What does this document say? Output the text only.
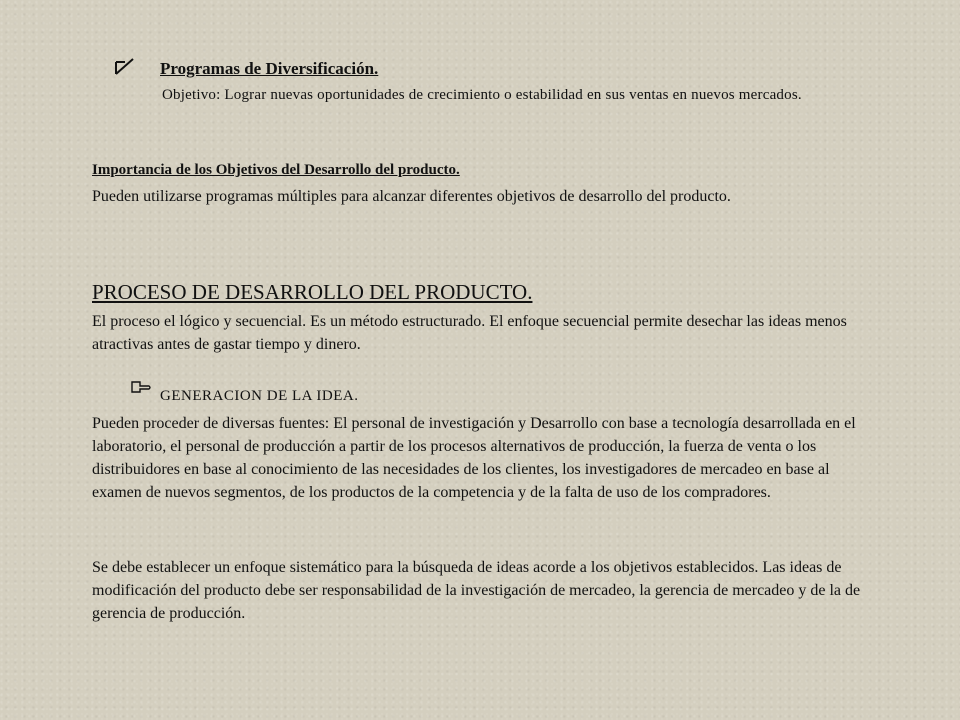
Programas de Diversificación.

Objetivo: Lograr nuevas oportunidades de crecimiento o estabilidad en sus ventas en nuevos mercados.

Importancia de los Objetivos del Desarrollo del producto.

Pueden utilizarse programas múltiples para alcanzar diferentes objetivos de desarrollo del producto.

PROCESO DE DESARROLLO DEL PRODUCTO.

El proceso el lógico y secuencial. Es un método estructurado. El enfoque secuencial permite desechar las ideas menos atractivas antes de gastar tiempo y dinero.

GENERACION DE LA IDEA.

Pueden proceder de diversas fuentes: El personal de investigación y Desarrollo con base a tecnología desarrollada en el laboratorio, el personal de producción a partir de los procesos alternativos de producción, la fuerza de venta o los distribuidores en base al conocimiento de las necesidades de los clientes, los investigadores de mercadeo en base al examen de nuevos segmentos, de los productos de la competencia y de la falta de uso de los compradores.

Se debe establecer un enfoque sistemático para la búsqueda de ideas acorde a los objetivos establecidos. Las ideas de modificación del producto debe ser responsabilidad de la investigación de mercadeo, la gerencia de mercadeo y de la de gerencia de producción.
